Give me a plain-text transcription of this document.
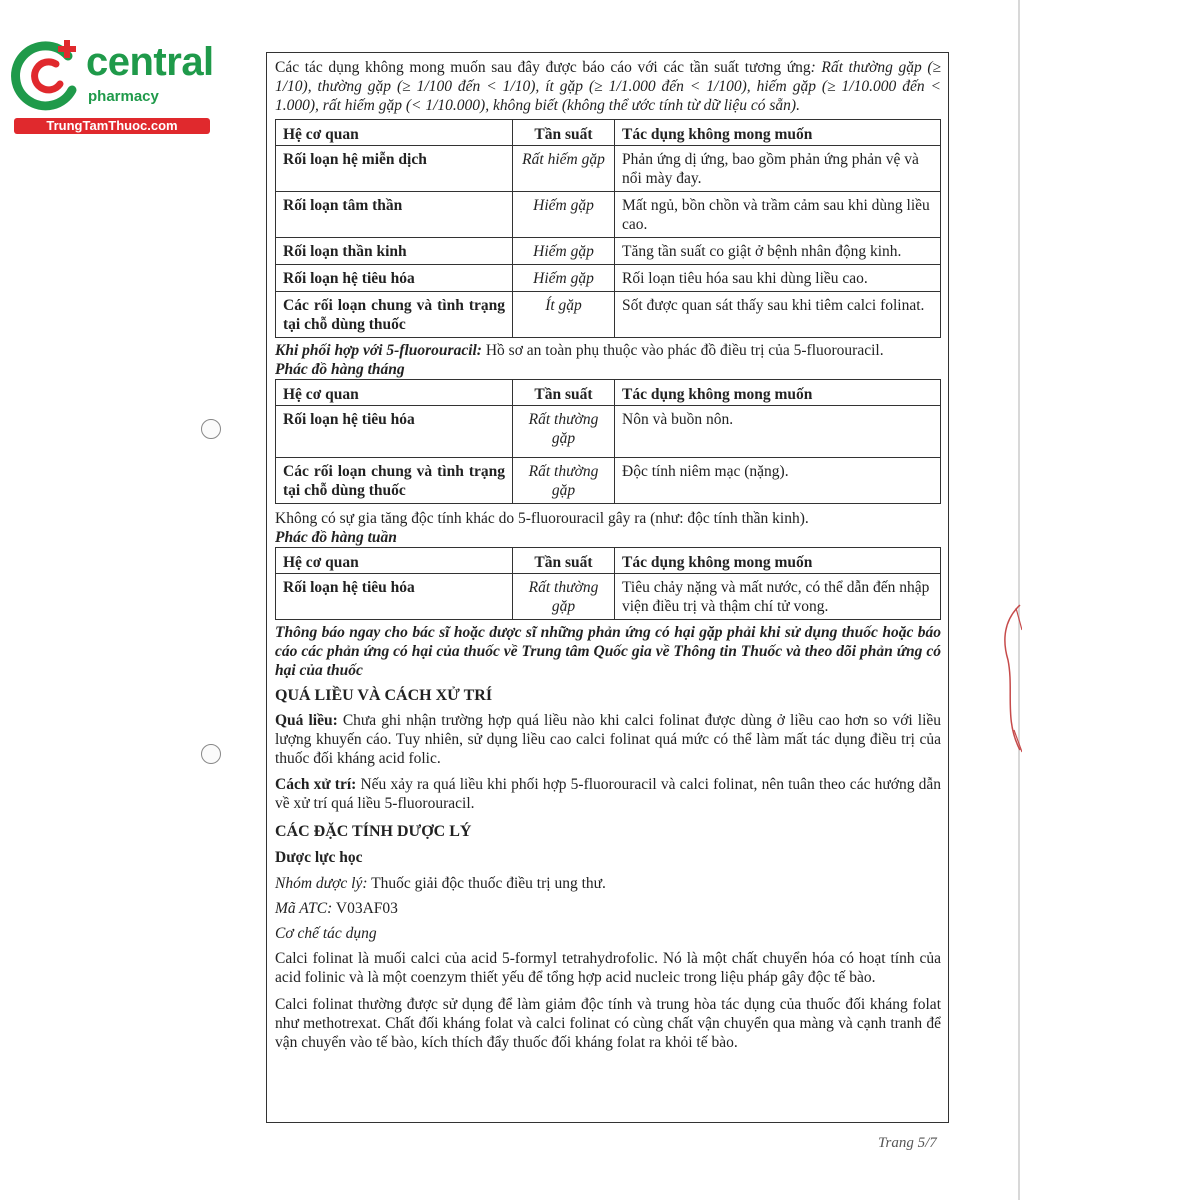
central
pharmacy
TrungTamThuoc.com

Các tác dụng không mong muốn sau đây được báo cáo với các tần suất tương ứng: Rất thường gặp (≥ 1/10), thường gặp (≥ 1/100 đến < 1/10), ít gặp (≥ 1/1.000 đến < 1/100), hiếm gặp (≥ 1/10.000 đến < 1.000), rất hiếm gặp (< 1/10.000), không biết (không thể ước tính từ dữ liệu có sẵn).

Hệ cơ quan	Tần suất	Tác dụng không mong muốn
Rối loạn hệ miễn dịch	Rất hiếm gặp	Phản ứng dị ứng, bao gồm phản ứng phản vệ và nổi mày đay.
Rối loạn tâm thần	Hiếm gặp	Mất ngủ, bồn chồn và trầm cảm sau khi dùng liều cao.
Rối loạn thần kinh	Hiếm gặp	Tăng tần suất co giật ở bệnh nhân động kinh.
Rối loạn hệ tiêu hóa	Hiếm gặp	Rối loạn tiêu hóa sau khi dùng liều cao.
Các rối loạn chung và tình trạng tại chỗ dùng thuốc	Ít gặp	Sốt được quan sát thấy sau khi tiêm calci folinat.

Khi phối hợp với 5-fluorouracil: Hồ sơ an toàn phụ thuộc vào phác đồ điều trị của 5-fluorouracil.

Phác đồ hàng tháng

Hệ cơ quan	Tần suất	Tác dụng không mong muốn
Rối loạn hệ tiêu hóa	Rất thường gặp	Nôn và buồn nôn.
Các rối loạn chung và tình trạng tại chỗ dùng thuốc	Rất thường gặp	Độc tính niêm mạc (nặng).

Không có sự gia tăng độc tính khác do 5-fluorouracil gây ra (như: độc tính thần kinh).

Phác đồ hàng tuần

Hệ cơ quan	Tần suất	Tác dụng không mong muốn
Rối loạn hệ tiêu hóa	Rất thường gặp	Tiêu chảy nặng và mất nước, có thể dẫn đến nhập viện điều trị và thậm chí tử vong.

Thông báo ngay cho bác sĩ hoặc dược sĩ những phản ứng có hại gặp phải khi sử dụng thuốc hoặc báo cáo các phản ứng có hại của thuốc về Trung tâm Quốc gia về Thông tin Thuốc và theo dõi phản ứng có hại của thuốc

QUÁ LIỀU VÀ CÁCH XỬ TRÍ

Quá liều: Chưa ghi nhận trường hợp quá liều nào khi calci folinat được dùng ở liều cao hơn so với liều lượng khuyến cáo. Tuy nhiên, sử dụng liều cao calci folinat quá mức có thể làm mất tác dụng điều trị của thuốc đối kháng acid folic.

Cách xử trí: Nếu xảy ra quá liều khi phối hợp 5-fluorouracil và calci folinat, nên tuân theo các hướng dẫn về xử trí quá liều 5-fluorouracil.

CÁC ĐẶC TÍNH DƯỢC LÝ

Dược lực học

Nhóm dược lý: Thuốc giải độc thuốc điều trị ung thư.

Mã ATC: V03AF03

Cơ chế tác dụng

Calci folinat là muối calci của acid 5-formyl tetrahydrofolic. Nó là một chất chuyển hóa có hoạt tính của acid folinic và là một coenzym thiết yếu để tổng hợp acid nucleic trong liệu pháp gây độc tế bào.

Calci folinat thường được sử dụng để làm giảm độc tính và trung hòa tác dụng của thuốc đối kháng folat như methotrexat. Chất đối kháng folat và calci folinat có cùng chất vận chuyển qua màng và cạnh tranh để vận chuyển vào tế bào, kích thích đẩy thuốc đối kháng folat ra khỏi tế bào.

Trang 5/7
